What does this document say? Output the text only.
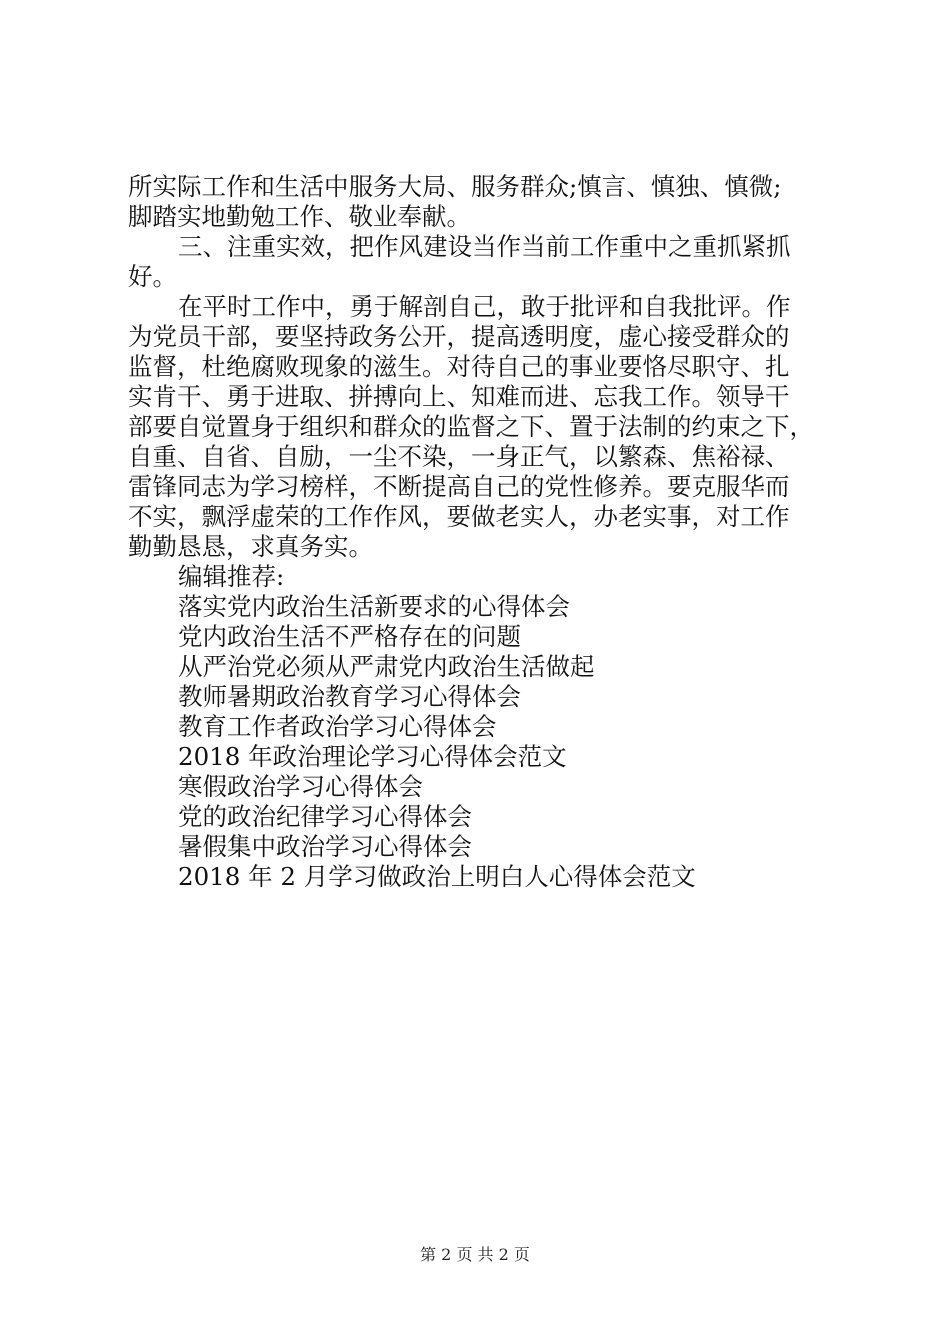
所实际工作和生活中服务大局、服务群众;慎言、慎独、慎微;
脚踏实地勤勉工作、敬业奉献。
三、注重实效，把作风建设当作当前工作重中之重抓紧抓
好。
在平时工作中，勇于解剖自己，敢于批评和自我批评。作
为党员干部，要坚持政务公开，提高透明度，虚心接受群众的
监督，杜绝腐败现象的滋生。对待自己的事业要恪尽职守、扎
实肯干、勇于进取、拼搏向上、知难而进、忘我工作。领导干
部要自觉置身于组织和群众的监督之下、置于法制的约束之下，
自重、自省、自励，一尘不染，一身正气，以繁森、焦裕禄、
雷锋同志为学习榜样，不断提高自己的党性修养。要克服华而
不实，飘浮虚荣的工作作风，要做老实人，办老实事，对工作
勤勤恳恳，求真务实。
编辑推荐:
落实党内政治生活新要求的心得体会
党内政治生活不严格存在的问题
从严治党必须从严肃党内政治生活做起
教师暑期政治教育学习心得体会
教育工作者政治学习心得体会
2018 年政治理论学习心得体会范文
寒假政治学习心得体会
党的政治纪律学习心得体会
暑假集中政治学习心得体会
2018 年 2 月学习做政治上明白人心得体会范文
第 2 页 共 2 页
